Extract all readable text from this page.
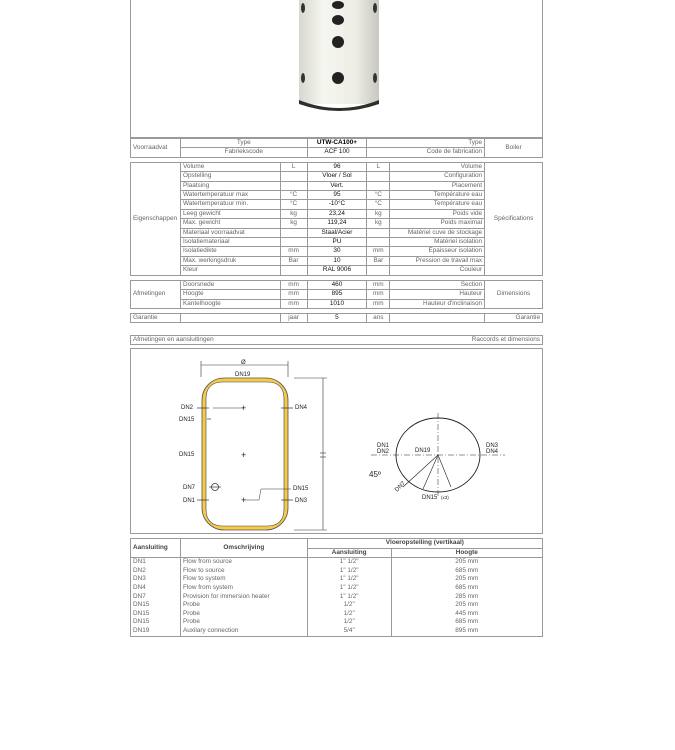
Voorraadvat	Type		UTW-CA100+	Type		Boiler
	Fabriekscode		ACF 100	Code de fabrication		

Eigenschappen	Volume	L	96	L	Volume	Spécifications
	Opstelling		Vloer / Sol		Configuration	
	Plaatsing		Vert.		Placement	
	Watertemperatuur max	°C	95	°C	Température eau	
	Watertemperatuur min.	°C	-10°C	°C	Température eau	
	Leeg gewicht	kg	23,24	kg	Poids vide	
	Max. gewicht	kg	119,24	kg	Poids maximal	
	Materiaal voorraadvat		Staal/Acier		Matériel cuve de stockage	
	Isolatiemateriaal		PU		Matériel isolation	
	Isolatiedikte	mm	30	mm	Epaisseur isolation	
	Max. werkingsdruk	Bar	10	Bar	Pression de travail max	
	Kleur		RAL 9006		Couleur	

Afmetingen	Doorsnede	mm	460	mm	Section	Dimensions
	Hoogte	mm	895	mm	Hauteur	
	Kantelhoogte	mm	1010	mm	Hauteur d'inclinaison	

Garantie		jaar	5	ans		Garantie
Afmetingen en aansluitingen	Raccords et dimensions
Ø
DN19
DN2
DN15
+
DN15	+
DN7
DN1	+
DN4
DN3
DN15
DN1
DN2
DN3
DN4
DN19
45º
DN7
DN15 (x3)
Aansluiting	Omschrijving	Vloeropstelling (vertikaal)	
		Aansluiting	Hoogte
DN1	Flow from source	1" 1/2"	205 mm
DN2	Flow to source	1" 1/2"	685 mm
DN3	Flow to system	1" 1/2"	205 mm
DN4	Flow from system	1" 1/2"	685 mm
DN7	Provision for immersion heater	1" 1/2"	285 mm
DN15	Probe	1/2"	205 mm
DN15	Probe	1/2"	445 mm
DN15	Probe	1/2"	685 mm
DN19	Auxilary connection	5/4"	895 mm
